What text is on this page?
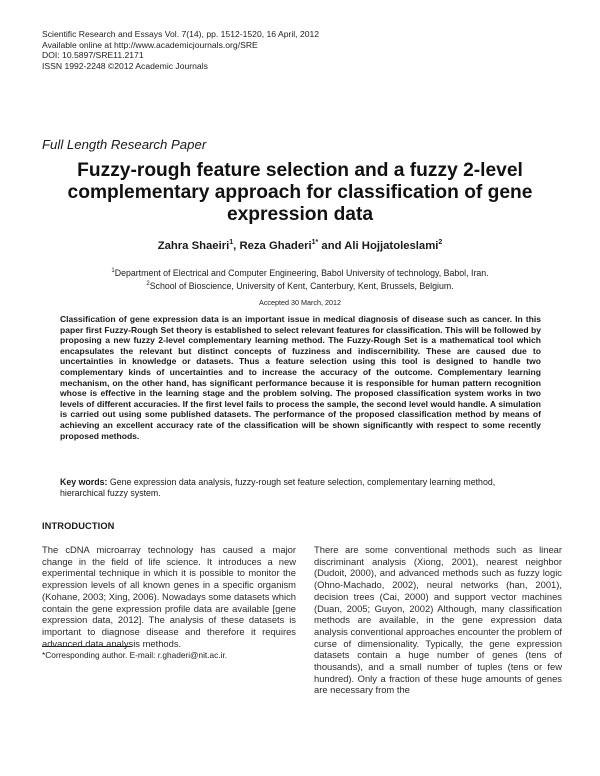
Scientific Research and Essays Vol. 7(14), pp. 1512-1520, 16 April, 2012
Available online at http://www.academicjournals.org/SRE
DOI: 10.5897/SRE11.2171
ISSN 1992-2248 ©2012 Academic Journals
Full Length Research Paper
Fuzzy-rough feature selection and a fuzzy 2-level complementary approach for classification of gene expression data
Zahra Shaeiri$^1$, Reza Ghaderi$^{1*}$ and Ali Hojjatoleslami$^2$
$^1$Department of Electrical and Computer Engineering, Babol University of technology, Babol, Iran.
$^2$School of Bioscience, University of Kent, Canterbury, Kent, Brussels, Belgium.
Accepted 30 March, 2012
Classification of gene expression data is an important issue in medical diagnosis of disease such as cancer. In this paper first Fuzzy-Rough Set theory is established to select relevant features for classification. This will be followed by proposing a new fuzzy 2-level complementary learning method. The Fuzzy-Rough Set is a mathematical tool which encapsulates the relevant but distinct concepts of fuzziness and indiscernibility. These are caused due to uncertainties in knowledge or datasets. Thus a feature selection using this tool is designed to handle two complementary kinds of uncertainties and to increase the accuracy of the outcome. Complementary learning mechanism, on the other hand, has significant performance because it is responsible for human pattern recognition whose is effective in the learning stage and the problem solving. The proposed classification system works in two levels of different accuracies. If the first level fails to process the sample, the second level would handle. A simulation is carried out using some published datasets. The performance of the proposed classification method by means of achieving an excellent accuracy rate of the classification will be shown significantly with respect to some recently proposed methods.
Key words: Gene expression data analysis, fuzzy-rough set feature selection, complementary learning method, hierarchical fuzzy system.
INTRODUCTION
The cDNA microarray technology has caused a major change in the field of life science. It introduces a new experimental technique in which it is possible to monitor the expression levels of all known genes in a specific organism (Kohane, 2003; Xing, 2006). Nowadays some datasets which contain the gene expression profile data are available [gene expression data, 2012]. The analysis of these datasets is important to diagnose disease and therefore it requires advanced data analysis methods.
There are some conventional methods such as linear discriminant analysis (Xiong, 2001), nearest neighbor (Dudoit, 2000), and advanced methods such as fuzzy logic (Ohno-Machado, 2002), neural networks (han, 2001), decision trees (Cai, 2000) and support vector machines (Duan, 2005; Guyon, 2002) Although, many classification methods are available, in the gene expression data analysis conventional approaches encounter the problem of curse of dimensionality. Typically, the gene expression datasets contain a huge number of genes (tens of thousands), and a small number of tuples (tens or few hundred). Only a fraction of these huge amounts of genes are necessary from the
*Corresponding author. E-mail: r.ghaderi@nit.ac.ir.
